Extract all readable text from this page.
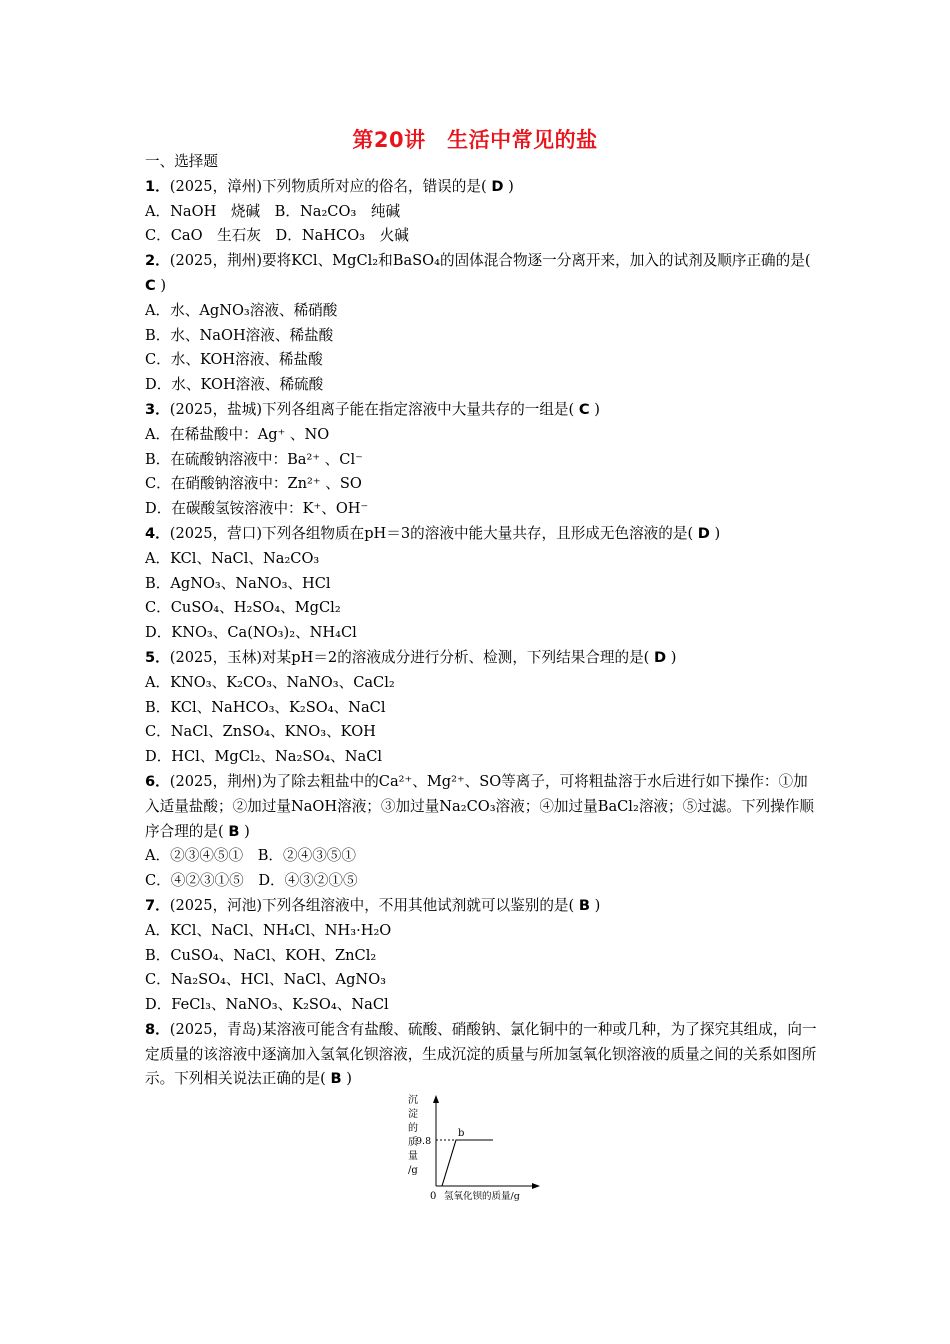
第20讲　生活中常见的盐
一、选择题
1．(2025，漳州)下列物质所对应的俗名，错误的是( D )
A．NaOH　烧碱　B．Na₂CO₃　纯碱
C．CaO　生石灰　D．NaHCO₃　火碱
2．(2025，荆州)要将KCl、MgCl₂和BaSO₄的固体混合物逐一分离开来，加入的试剂及顺序正确的是( C )
A．水、AgNO₃溶液、稀硝酸
B．水、NaOH溶液、稀盐酸
C．水、KOH溶液、稀盐酸
D．水、KOH溶液、稀硫酸
3．(2025，盐城)下列各组离子能在指定溶液中大量共存的一组是( C )
A．在稀盐酸中：Ag⁺ 、NO
B．在硫酸钠溶液中：Ba²⁺ 、Cl⁻
C．在硝酸钠溶液中：Zn²⁺ 、SO
D．在碳酸氢铵溶液中：K⁺、OH⁻
4．(2025，营口)下列各组物质在pH＝3的溶液中能大量共存，且形成无色溶液的是( D )
A．KCl、NaCl、Na₂CO₃
B．AgNO₃、NaNO₃、HCl
C．CuSO₄、H₂SO₄、MgCl₂
D．KNO₃、Ca(NO₃)₂、NH₄Cl
5．(2025，玉林)对某pH＝2的溶液成分进行分析、检测，下列结果合理的是( D )
A．KNO₃、K₂CO₃、NaNO₃、CaCl₂
B．KCl、NaHCO₃、K₂SO₄、NaCl
C．NaCl、ZnSO₄、KNO₃、KOH
D．HCl、MgCl₂、Na₂SO₄、NaCl
6．(2025，荆州)为了除去粗盐中的Ca²⁺、Mg²⁺、SO等离子，可将粗盐溶于水后进行如下操作：①加入适量盐酸；②加过量NaOH溶液；③加过量Na₂CO₃溶液；④加过量BaCl₂溶液；⑤过滤。下列操作顺序合理的是( B )
A．②③④⑤①　B．②④③⑤①
C．④②③①⑤　D．④③②①⑤
7．(2025，河池)下列各组溶液中，不用其他试剂就可以鉴别的是( B )
A．KCl、NaCl、NH₄Cl、NH₃·H₂O
B．CuSO₄、NaCl、KOH、ZnCl₂
C．Na₂SO₄、HCl、NaCl、AgNO₃
D．FeCl₃、NaNO₃、K₂SO₄、NaCl
8．(2025，青岛)某溶液可能含有盐酸、硫酸、硝酸钠、氯化铜中的一种或几种，为了探究其组成，向一定质量的该溶液中逐滴加入氢氧化钡溶液，生成沉淀的质量与所加氢氧化钡溶液的质量之间的关系如图所示。下列相关说法正确的是( B )
沉
淀
的
质
量
/g
9.8
b
0 氢氧化钡的质量/g
